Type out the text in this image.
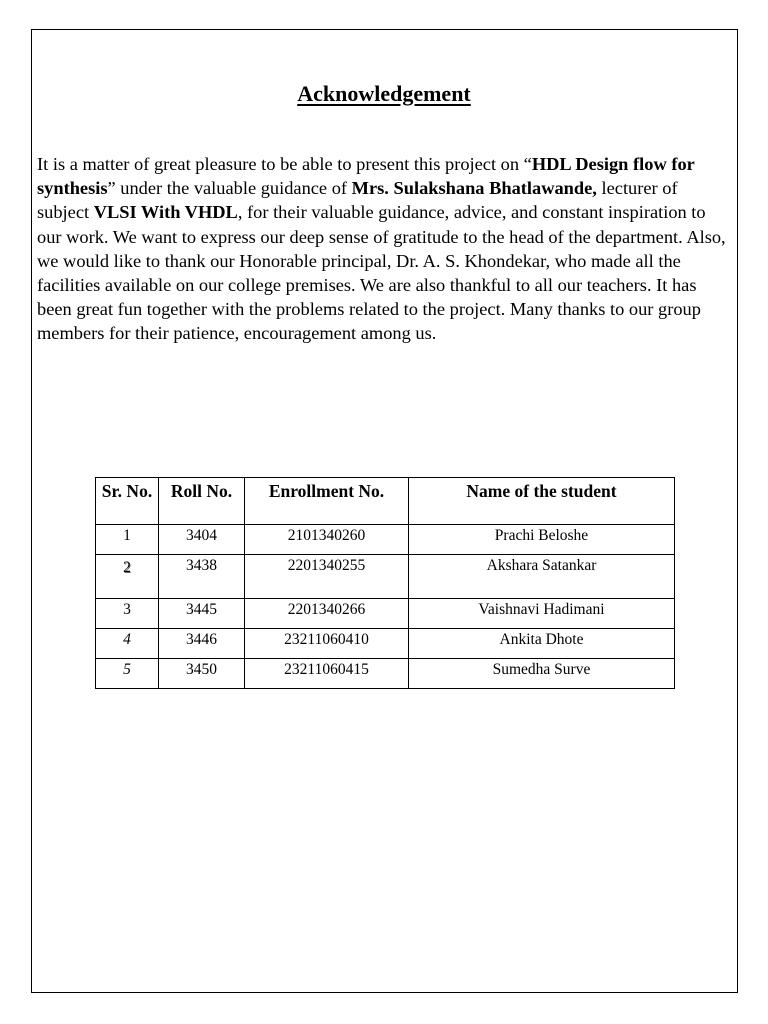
Acknowledgement

It is a matter of great pleasure to be able to present this project on “HDL Design flow for synthesis” under the valuable guidance of Mrs. Sulakshana Bhatlawande, lecturer of subject VLSI With VHDL, for their valuable guidance, advice, and constant inspiration to our work. We want to express our deep sense of gratitude to the head of the department. Also, we would like to thank our Honorable principal, Dr. A. S. Khondekar, who made all the facilities available on our college premises. We are also thankful to all our teachers. It has been great fun together with the problems related to the project. Many thanks to our group members for their patience, encouragement among us.

Sr. No.	Roll No.	Enrollment No.	Name of the student
1	3404	2101340260	Prachi Beloshe
2	3438	2201340255	Akshara Satankar
3	3445	2201340266	Vaishnavi Hadimani
4	3446	23211060410	Ankita Dhote
5	3450	23211060415	Sumedha Surve
